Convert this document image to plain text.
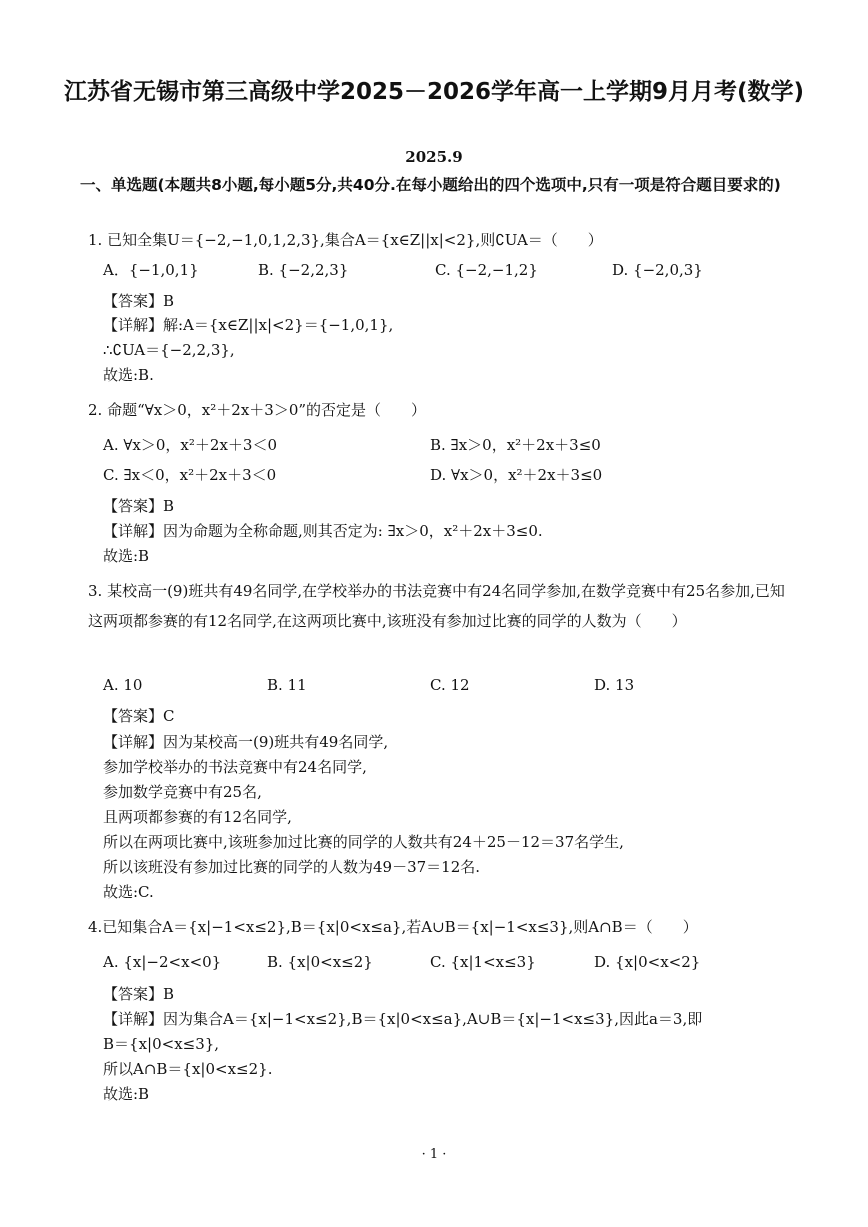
江苏省无锡市第三高级中学2025－2026学年高一上学期9月月考(数学)
2025.9
一、单选题(本题共8小题,每小题5分,共40分.在每小题给出的四个选项中,只有一项是符合题目要求的)
1. 已知全集U＝{−2,−1,0,1,2,3},集合A＝{x∈Z||x|<2},则∁UA＝（　　）
A．{−1,0,1}	B. {−2,2,3}	C. {−2,−1,2}	D. {−2,0,3}
【答案】B
【详解】解:A＝{x∈Z||x|<2}＝{−1,0,1},
∴∁UA＝{−2,2,3},
故选:B.
2. 命题“∀x＞0，x²＋2x＋3＞0”的否定是（　　）
A. ∀x＞0，x²＋2x＋3＜0	B. ∃x＞0，x²＋2x＋3≤0
C. ∃x＜0，x²＋2x＋3＜0	D. ∀x＞0，x²＋2x＋3≤0
【答案】B
【详解】因为命题为全称命题,则其否定为: ∃x＞0，x²＋2x＋3≤0.
故选:B
3. 某校高一(9)班共有49名同学,在学校举办的书法竞赛中有24名同学参加,在数学竞赛中有25名参加,已知这两项都参赛的有12名同学,在这两项比赛中,该班没有参加过比赛的同学的人数为（　　）
A. 10	B. 11	C. 12	D. 13
【答案】C
【详解】因为某校高一(9)班共有49名同学,
参加学校举办的书法竞赛中有24名同学,
参加数学竞赛中有25名,
且两项都参赛的有12名同学,
所以在两项比赛中,该班参加过比赛的同学的人数共有24＋25－12＝37名学生,
所以该班没有参加过比赛的同学的人数为49－37＝12名.
故选:C.
4.已知集合A＝{x|−1<x≤2},B＝{x|0<x≤a},若A∪B＝{x|−1<x≤3},则A∩B＝（　　）
A. {x|−2<x<0}	B. {x|0<x≤2}	C. {x|1<x≤3}	D. {x|0<x<2}
【答案】B
【详解】因为集合A＝{x|−1<x≤2},B＝{x|0<x≤a},A∪B＝{x|−1<x≤3},因此a＝3,即
B＝{x|0<x≤3},
所以A∩B＝{x|0<x≤2}.
故选:B
· 1 ·
